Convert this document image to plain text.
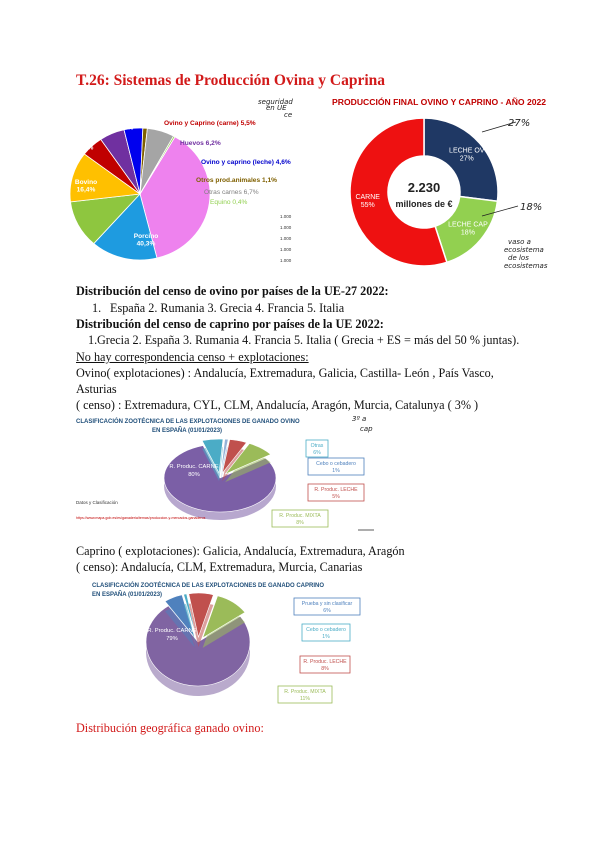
T.26: Sistemas de Producción Ovina y Caprina
Porcino 40,3%
Bovino 16,4%
Aves 12,4%
Leche vaca 13,1%
Ovino y Caprino (carne) 5,5%
Huevos 6,2%
Ovino y caprino (leche) 4,6%
Otros prod.animales 1,1%
Otras carnes 6,7%
Equino 0,4%
1.000
1.000
1.000
1.000
1.000
seguridad
en UE
ce
PRODUCCIÓN FINAL OVINO Y CAPRINO - AÑO 2022
2.230
millones de €
LECHE OV 27%
LECHE CAP 18%
CARNE 55%
27%
18%
vaso a
ecosistema
de los
ecosistemas
Distribución del censo de ovino por países de la UE-27 2022:
1. España 2. Rumania 3. Grecia 4. Francia 5. Italia
Distribución del censo de caprino por países de la UE 2022:
1. Grecia 2. España 3. Rumania 4. Francia 5. Italia ( Grecia + ES = más del 50 % juntas).
No hay correspondencia censo + explotaciones:
Ovino( explotaciones) : Andalucía, Extremadura, Galicia, Castilla- León , País Vasco,
Asturias
( censo) : Extremadura, CYL, CLM, Andalucía, Aragón, Murcia, Catalunya ( 3% )
3º a
cap
CLASIFICACIÓN ZOOTÉCNICA DE LAS EXPLOTACIONES DE GANADO OVINO
EN ESPAÑA (01/01/2023)
Otras
6%
Cebo o cebadero
1%
R. Produc. LECHE
5%
R. Produc. MIXTA
8%
R. Produc. CARNE
80%
Datos y Clasificación
https://www.mapa.gob.es/es/ganaderia/temas/produccion-y-mercados-ganaderos
Caprino ( explotaciones): Galicia, Andalucía, Extremadura, Aragón
( censo): Andalucía, CLM, Extremadura, Murcia, Canarias
CLASIFICACIÓN ZOOTÉCNICA DE LAS EXPLOTACIONES DE GANADO CAPRINO
EN ESPAÑA (01/01/2023)
Prueba y sin clasificar
6%
Cebo o cebadero
1%
R. Produc. LECHE
8%
R. Produc. MIXTA
11%
R. Produc. CARNE
79%
Distribución geográfica ganado ovino:
